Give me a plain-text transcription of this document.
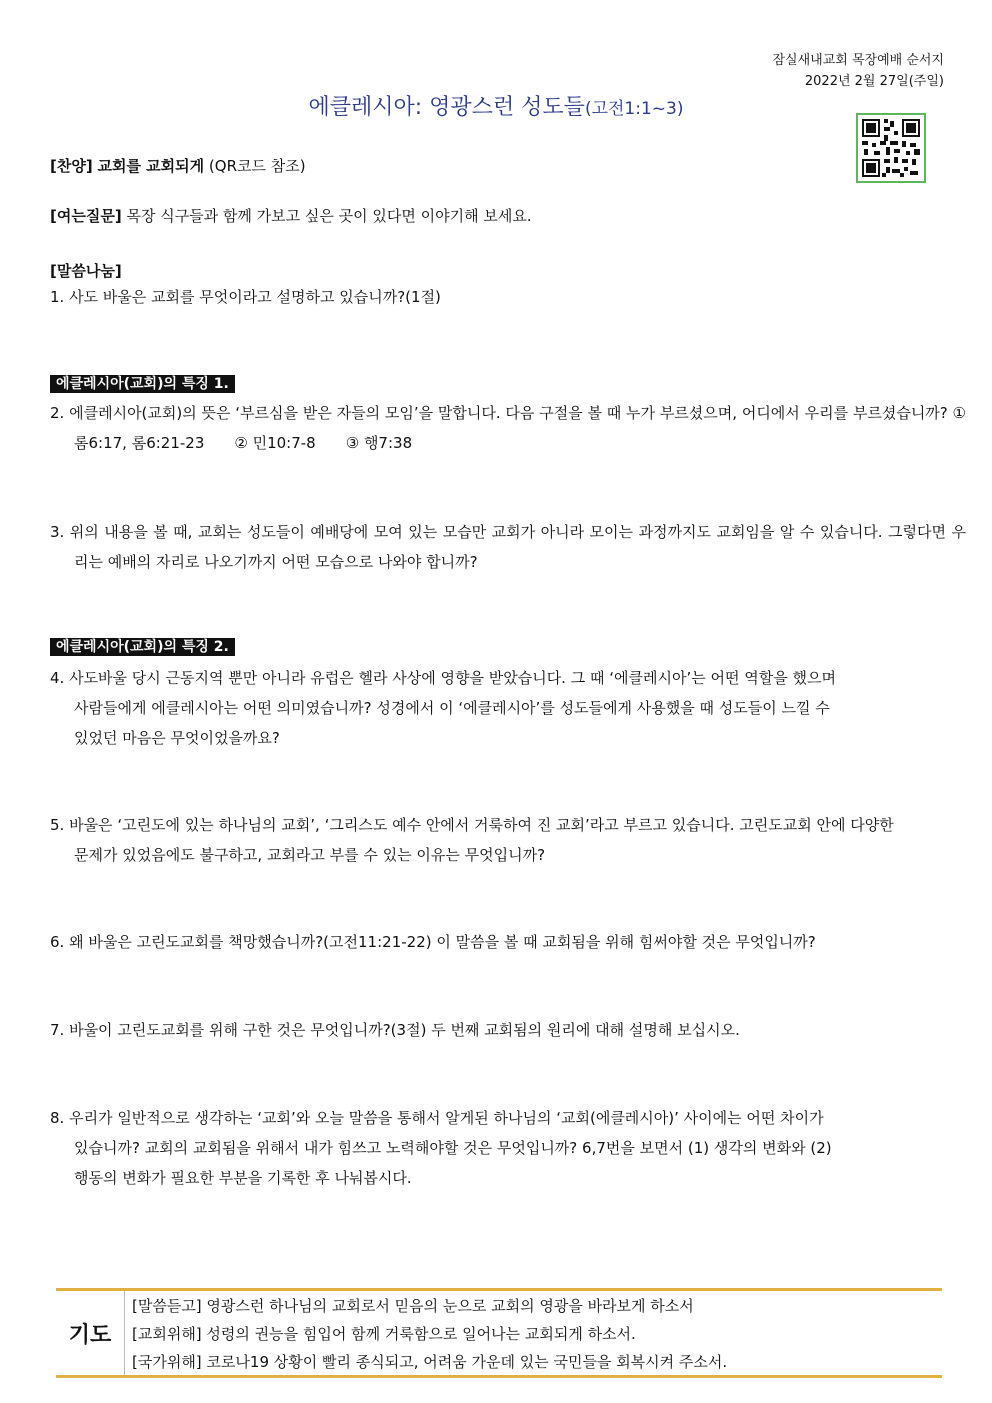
잠실새내교회 목장예배 순서지
2022년 2월 27일(주일)
에클레시아: 영광스런 성도들(고전1:1~3)
[찬양] 교회를 교회되게 (QR코드 참조)
[여는질문] 목장 식구들과 함께 가보고 싶은 곳이 있다면 이야기해 보세요.
[말씀나눔]
1. 사도 바울은 교회를 무엇이라고 설명하고 있습니까?(1절)
에클레시아(교회)의 특징 1.
2. 에클레시아(교회)의 뜻은 ‘부르심을 받은 자들의 모임’을 말합니다. 다음 구절을 볼 때 누가 부르셨으며, 어디에서 우리를 부르셨습니까? ①롬6:17, 롬6:21-23　　② 민10:7-8　　③ 행7:38
3. 위의 내용을 볼 때, 교회는 성도들이 예배당에 모여 있는 모습만 교회가 아니라 모이는 과정까지도 교회임을 알 수 있습니다. 그렇다면 우리는 예배의 자리로 나오기까지 어떤 모습으로 나와야 합니까?
에클레시아(교회)의 특징 2.
4. 사도바울 당시 근동지역 뿐만 아니라 유럽은 헬라 사상에 영향을 받았습니다. 그 때 ‘에클레시아’는 어떤 역할을 했으며
사람들에게 에클레시아는 어떤 의미였습니까? 성경에서 이 ‘에클레시아’를 성도들에게 사용했을 때 성도들이 느낄 수
있었던 마음은 무엇이었을까요?
5. 바울은 ‘고린도에 있는 하나님의 교회’, ‘그리스도 예수 안에서 거룩하여 진 교회’라고 부르고 있습니다. 고린도교회 안에 다양한
문제가 있었음에도 불구하고, 교회라고 부를 수 있는 이유는 무엇입니까?
6. 왜 바울은 고린도교회를 책망했습니까?(고전11:21-22) 이 말씀을 볼 때 교회됨을 위해 힘써야할 것은 무엇입니까?
7. 바울이 고린도교회를 위해 구한 것은 무엇입니까?(3절) 두 번째 교회됨의 원리에 대해 설명해 보십시오.
8. 우리가 일반적으로 생각하는 ‘교회’와 오늘 말씀을 통해서 알게된 하나님의 ‘교회(에클레시아)’ 사이에는 어떤 차이가
있습니까? 교회의 교회됨을 위해서 내가 힘쓰고 노력해야할 것은 무엇입니까? 6,7번을 보면서 (1) 생각의 변화와 (2)
행동의 변화가 필요한 부분을 기록한 후 나눠봅시다.
기도
[말씀듣고] 영광스런 하나님의 교회로서 믿음의 눈으로 교회의 영광을 바라보게 하소서
[교회위해] 성령의 권능을 힘입어 함께 거룩함으로 일어나는 교회되게 하소서.
[국가위해] 코로나19 상황이 빨리 종식되고, 어려움 가운데 있는 국민들을 회복시켜 주소서.
